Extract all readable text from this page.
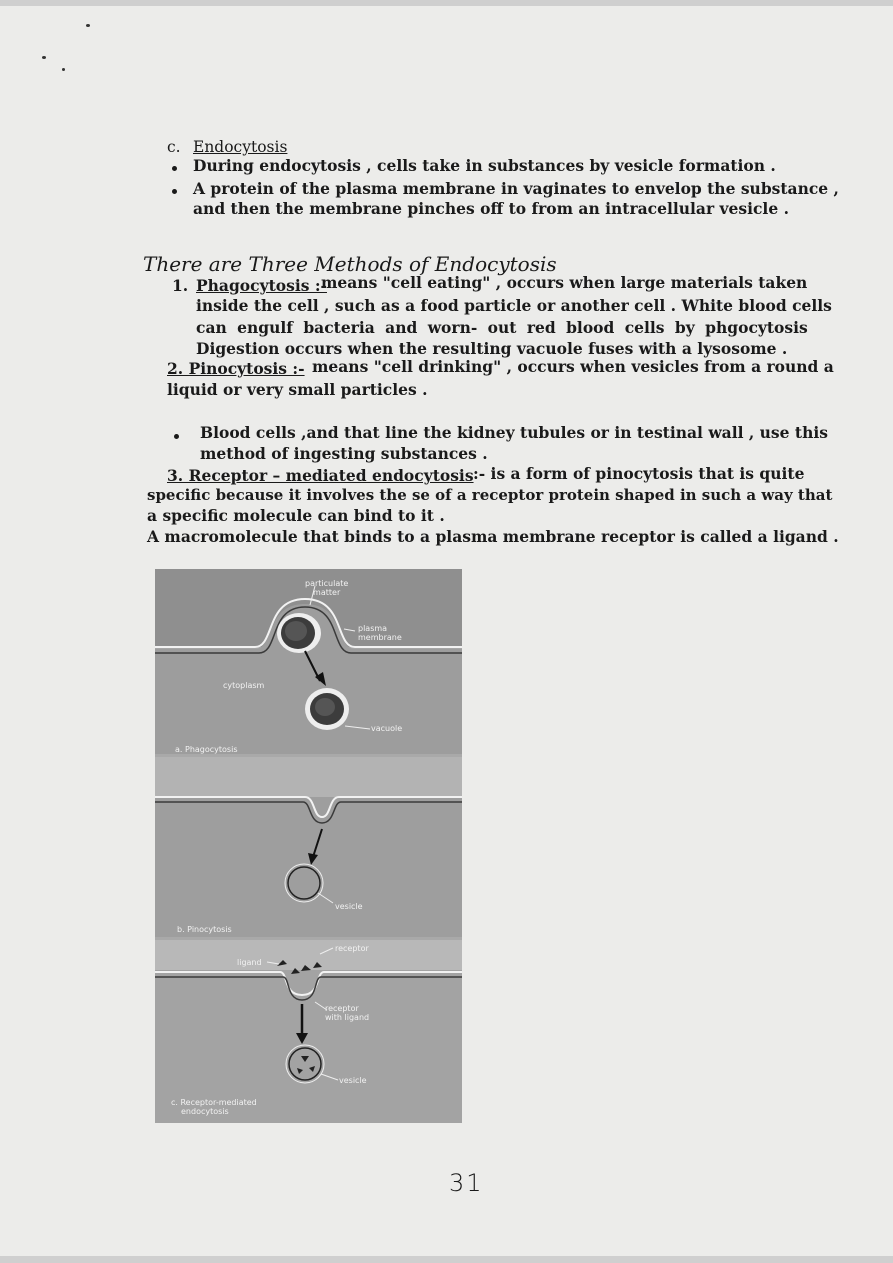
c. Endocytosis
During endocytosis , cells take in substances by vesicle formation .
A protein of the plasma membrane in vaginates to envelop the substance ,
and then the membrane pinches off to from an intracellular vesicle .
There are Three Methods of Endocytosis
1. Phagocytosis :-
means "cell eating" , occurs when large materials taken
inside the cell , such as a food particle or another cell . White blood cells
can engulf bacteria and worn- out red blood cells by phgocytosis
Digestion occurs when the resulting vacuole fuses with a lysosome .
2. Pinocytosis :- means "cell drinking" , occurs when vesicles from a round a
liquid or very small particles .
Blood cells ,and that line the kidney tubules or in testinal wall , use this
method of ingesting substances .
3. Receptor – mediated endocytosis :- is a form of pinocytosis that is quite
specific because it involves the se of a receptor protein shaped in such a way that
a specific molecule can bind to it .
A macromolecule that binds to a plasma membrane receptor is called a ligand .
particulate
matter
plasma
membrane
cytoplasm
vacuole
a. Phagocytosis
vesicle
b. Pinocytosis
receptor
ligand
receptor
with ligand
vesicle
c. Receptor-mediated
endocytosis
31
